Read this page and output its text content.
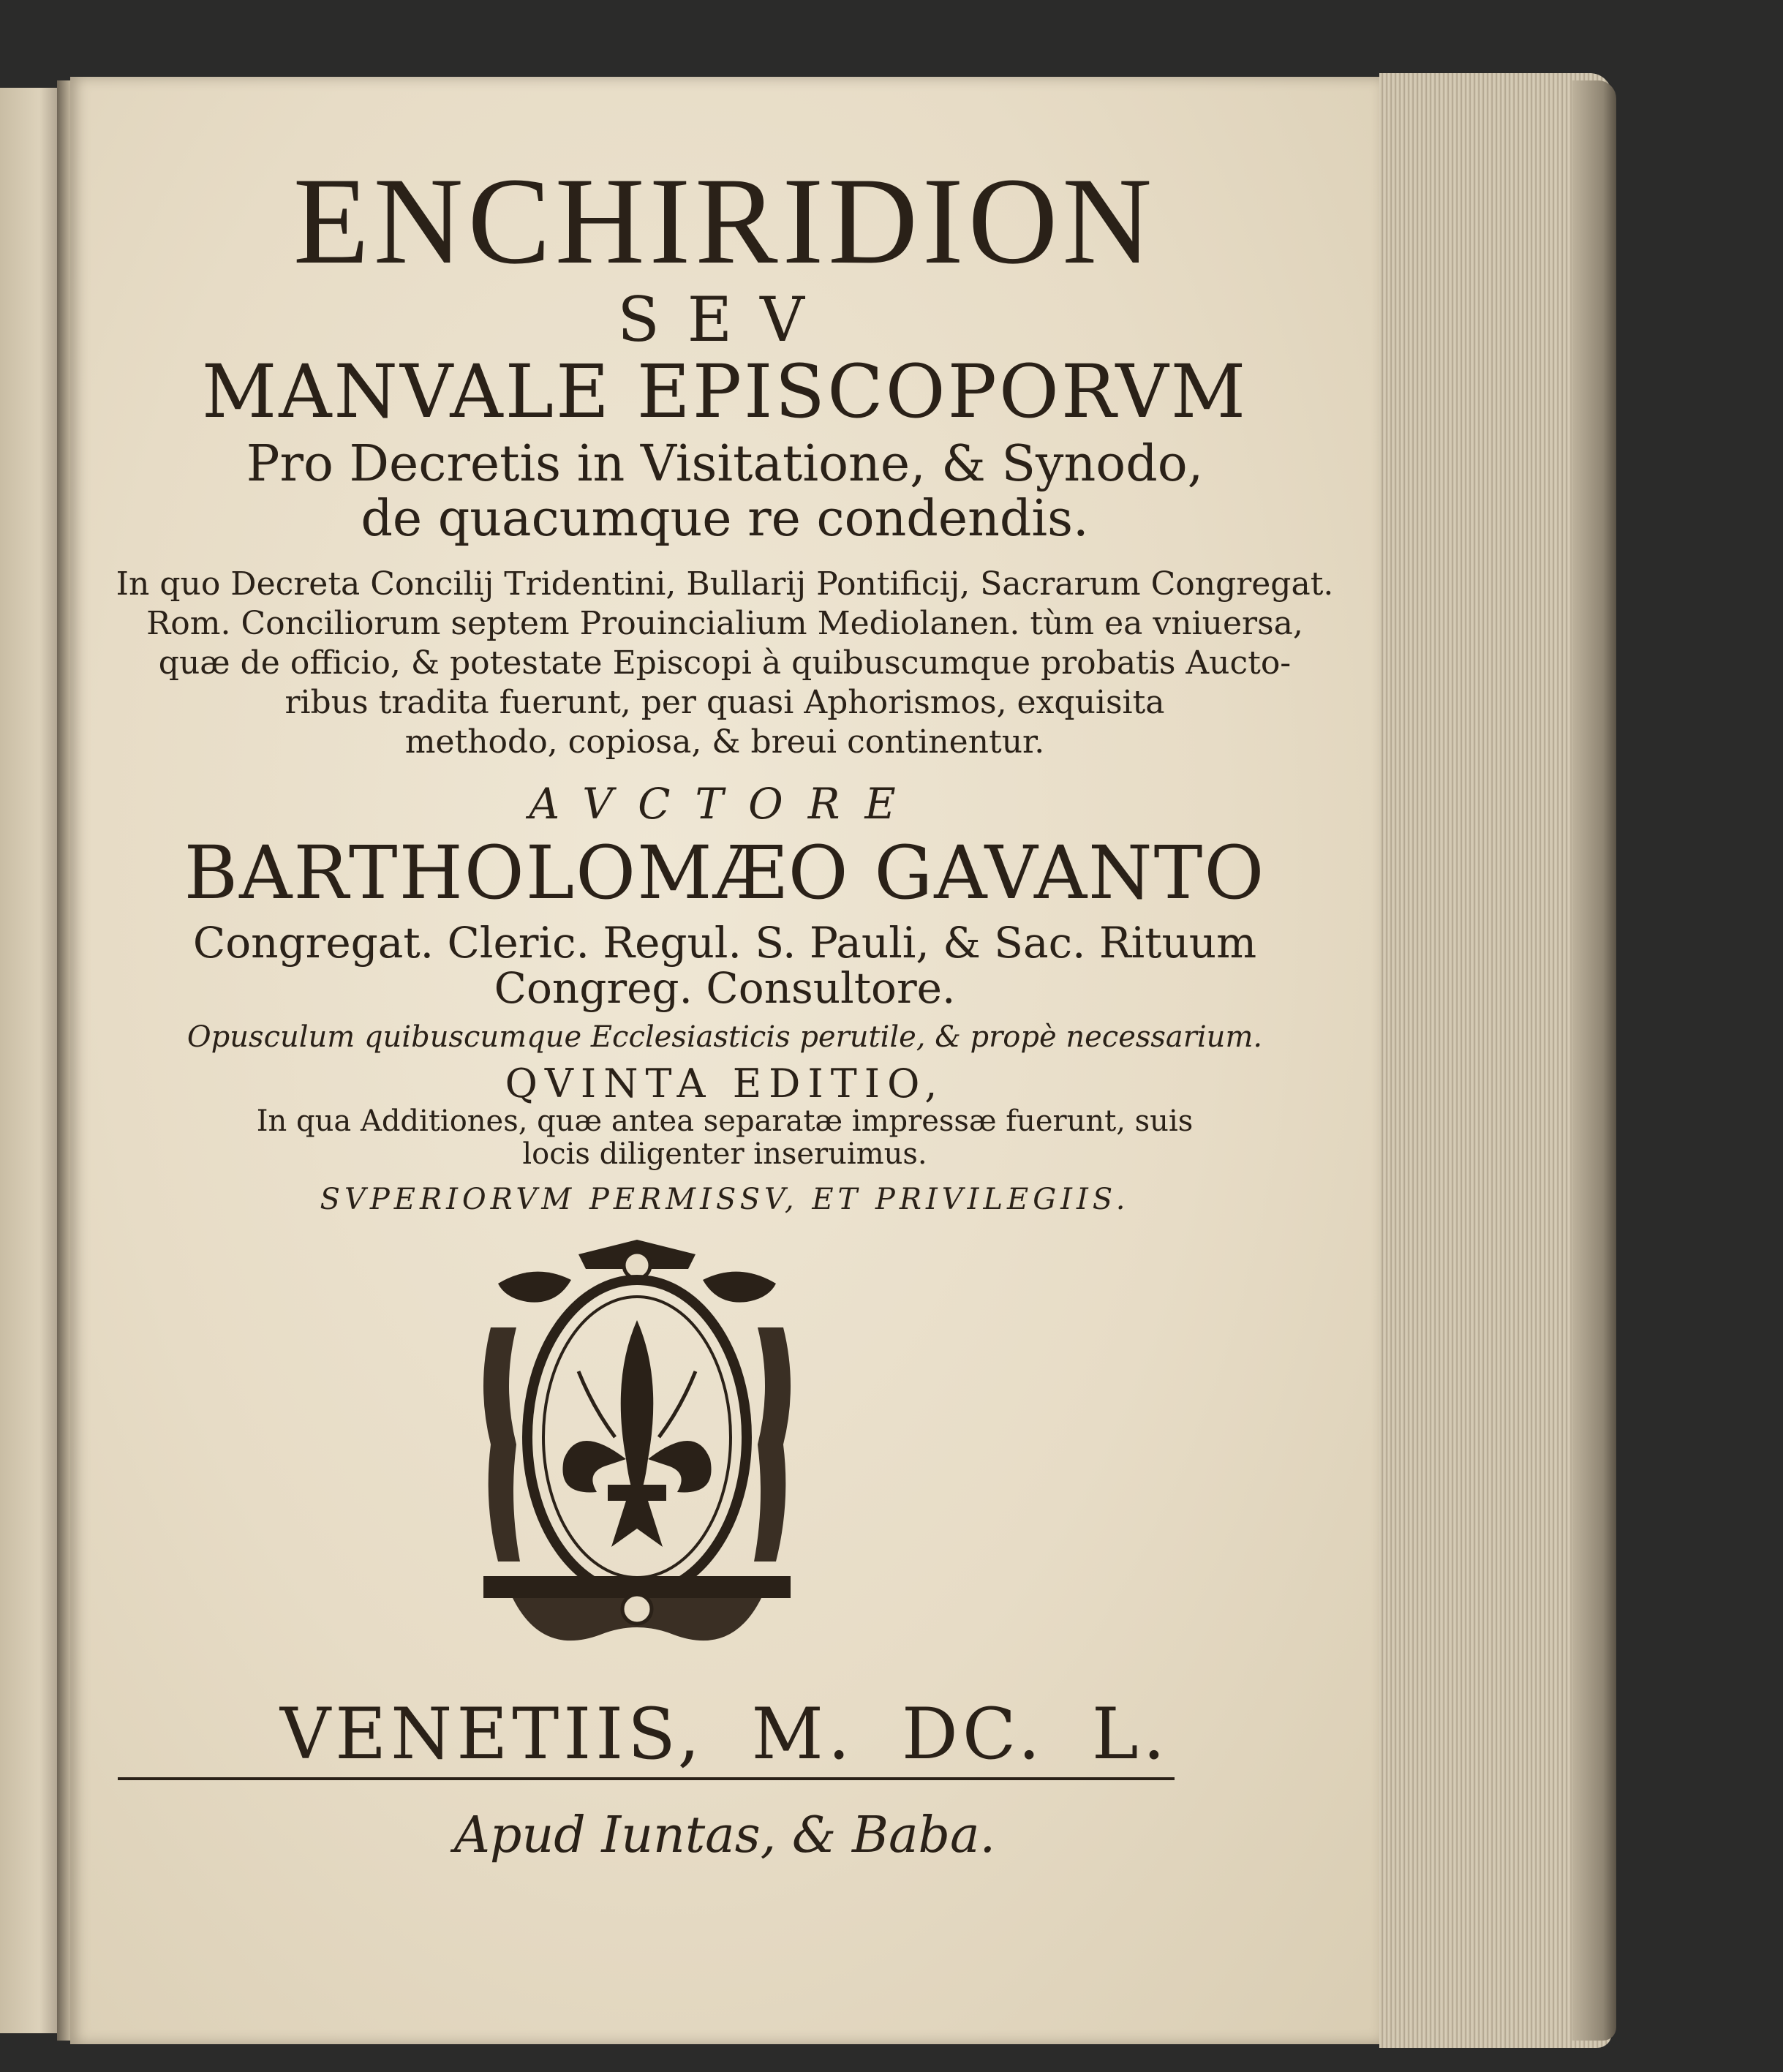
ENCHIRIDION
SEV
MANVALE EPISCOPORVM
Pro Decretis in Visitatione, & Synodo,
de quacumque re condendis.
In quo Decreta Concilij Tridentini, Bullarij Pontificij, Sacrarum Congregat.
Rom. Conciliorum septem Prouincialium Mediolanen. tùm ea vniuersa,
quæ de officio, & potestate Episcopi à quibuscumque probatis Auctο-
ribus tradita fuerunt, per quasi Aphorismos, exquisita
methodo, copiosa, & breui continentur.
AVCTORE
BARTHOLOMÆO GAVANTO
Congregat. Cleric. Regul. S. Pauli, & Sac. Rituum
Congreg. Consultore.
Opusculum quibuscumque Ecclesiasticis perutile, & propè necessarium.
QVINTA EDITIO,
In qua Additiones, quæ antea separatæ impressæ fuerunt, suis
locis diligenter inseruimus.
SVPERIORVM PERMISSV, ET PRIVILEGIIS.
VENETIIS, M. DC. L.
Apud Iuntas, & Baba.
